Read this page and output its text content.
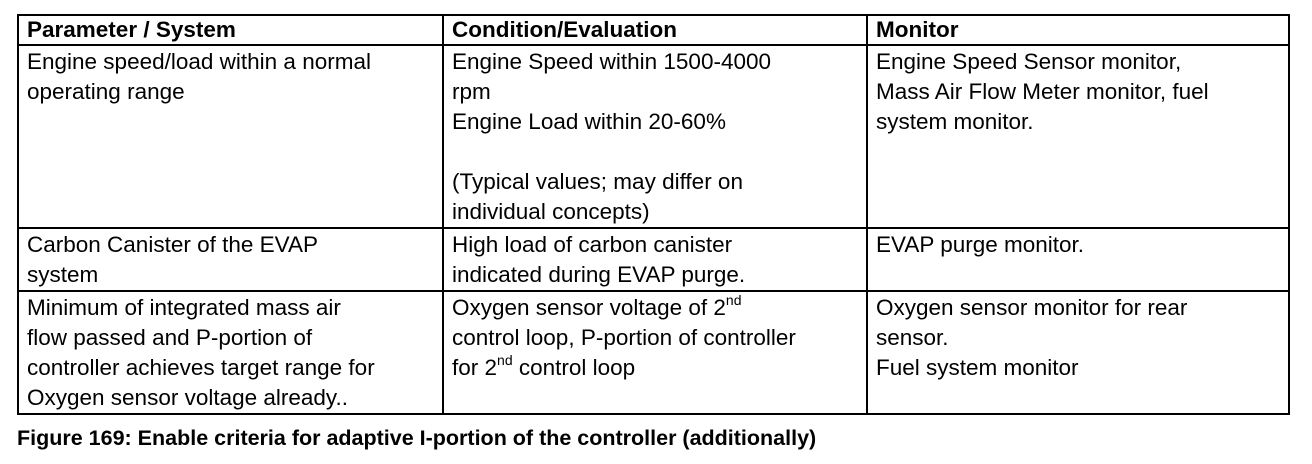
Parameter / System	Condition/Evaluation	Monitor

Engine speed/load within a normal
operating range	Engine Speed within 1500-4000
rpm
Engine Load within 20-60%
(Typical values; may differ on
individual concepts)	Engine Speed Sensor monitor,
Mass Air Flow Meter monitor, fuel
system monitor.

Carbon Canister of the EVAP
system	High load of carbon canister
indicated during EVAP purge.	EVAP purge monitor.

Minimum of integrated mass air
flow passed and P-portion of
controller achieves target range for
Oxygen sensor voltage already..	Oxygen sensor voltage of 2nd
control loop, P-portion of controller
for 2nd control loop	Oxygen sensor monitor for rear
sensor.
Fuel system monitor
Figure 169: Enable criteria for adaptive I-portion of the controller (additionally)
